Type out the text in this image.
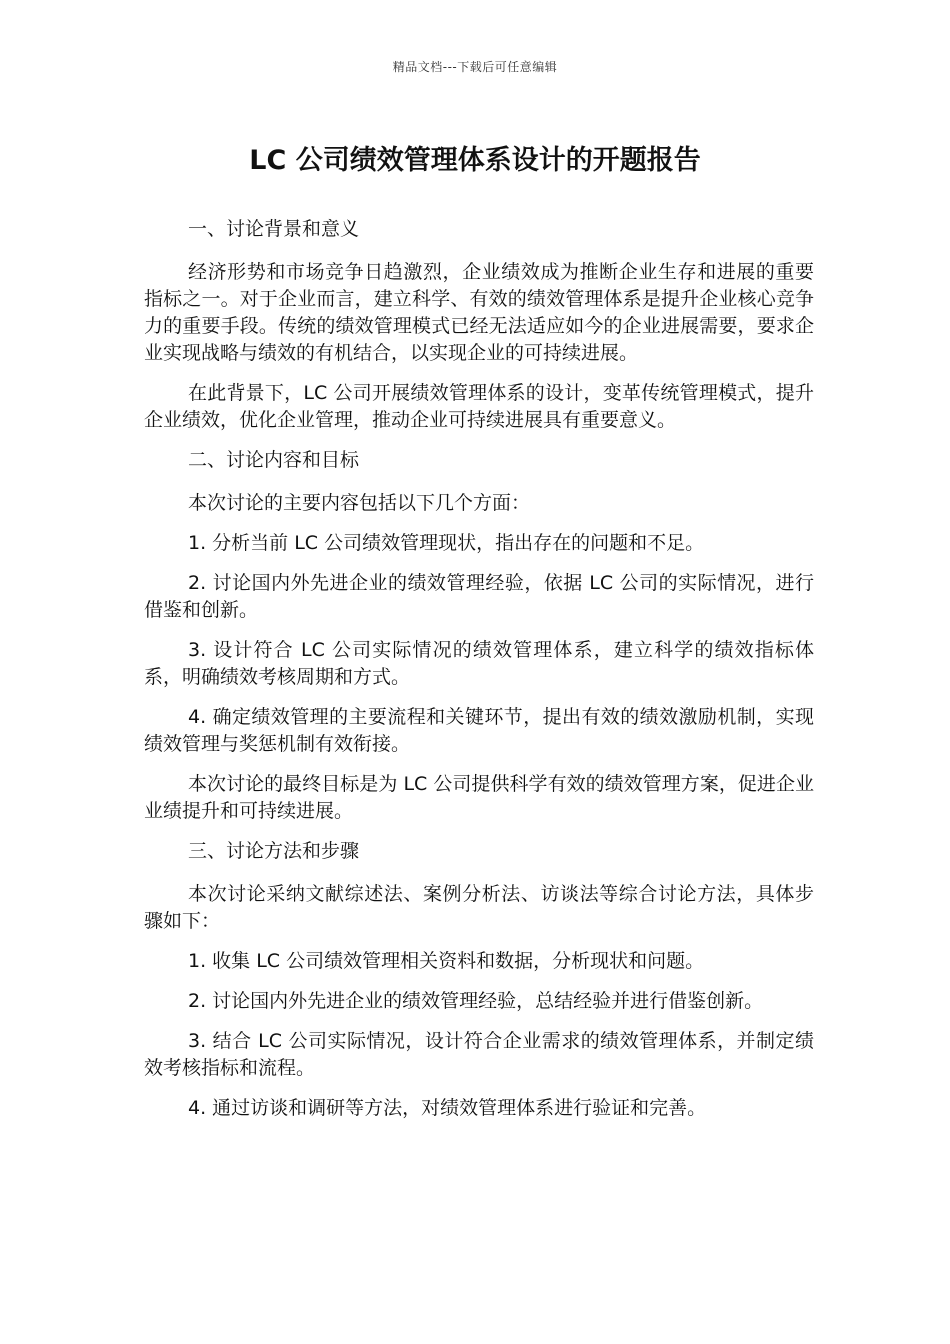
精品文档---下载后可任意编辑
LC 公司绩效管理体系设计的开题报告

一、讨论背景和意义

经济形势和市场竞争日趋激烈，企业绩效成为推断企业生存和进展的重要指标之一。对于企业而言，建立科学、有效的绩效管理体系是提升企业核心竞争力的重要手段。传统的绩效管理模式已经无法适应如今的企业进展需要，要求企业实现战略与绩效的有机结合，以实现企业的可持续进展。

在此背景下，LC 公司开展绩效管理体系的设计，变革传统管理模式，提升企业绩效，优化企业管理，推动企业可持续进展具有重要意义。

二、讨论内容和目标

本次讨论的主要内容包括以下几个方面：

1. 分析当前 LC 公司绩效管理现状，指出存在的问题和不足。

2. 讨论国内外先进企业的绩效管理经验，依据 LC 公司的实际情况，进行借鉴和创新。

3. 设计符合 LC 公司实际情况的绩效管理体系，建立科学的绩效指标体系，明确绩效考核周期和方式。

4. 确定绩效管理的主要流程和关键环节，提出有效的绩效激励机制，实现绩效管理与奖惩机制有效衔接。

本次讨论的最终目标是为 LC 公司提供科学有效的绩效管理方案，促进企业业绩提升和可持续进展。

三、讨论方法和步骤

本次讨论采纳文献综述法、案例分析法、访谈法等综合讨论方法，具体步骤如下：

1. 收集 LC 公司绩效管理相关资料和数据，分析现状和问题。

2. 讨论国内外先进企业的绩效管理经验，总结经验并进行借鉴创新。

3. 结合 LC 公司实际情况，设计符合企业需求的绩效管理体系，并制定绩效考核指标和流程。

4. 通过访谈和调研等方法，对绩效管理体系进行验证和完善。
